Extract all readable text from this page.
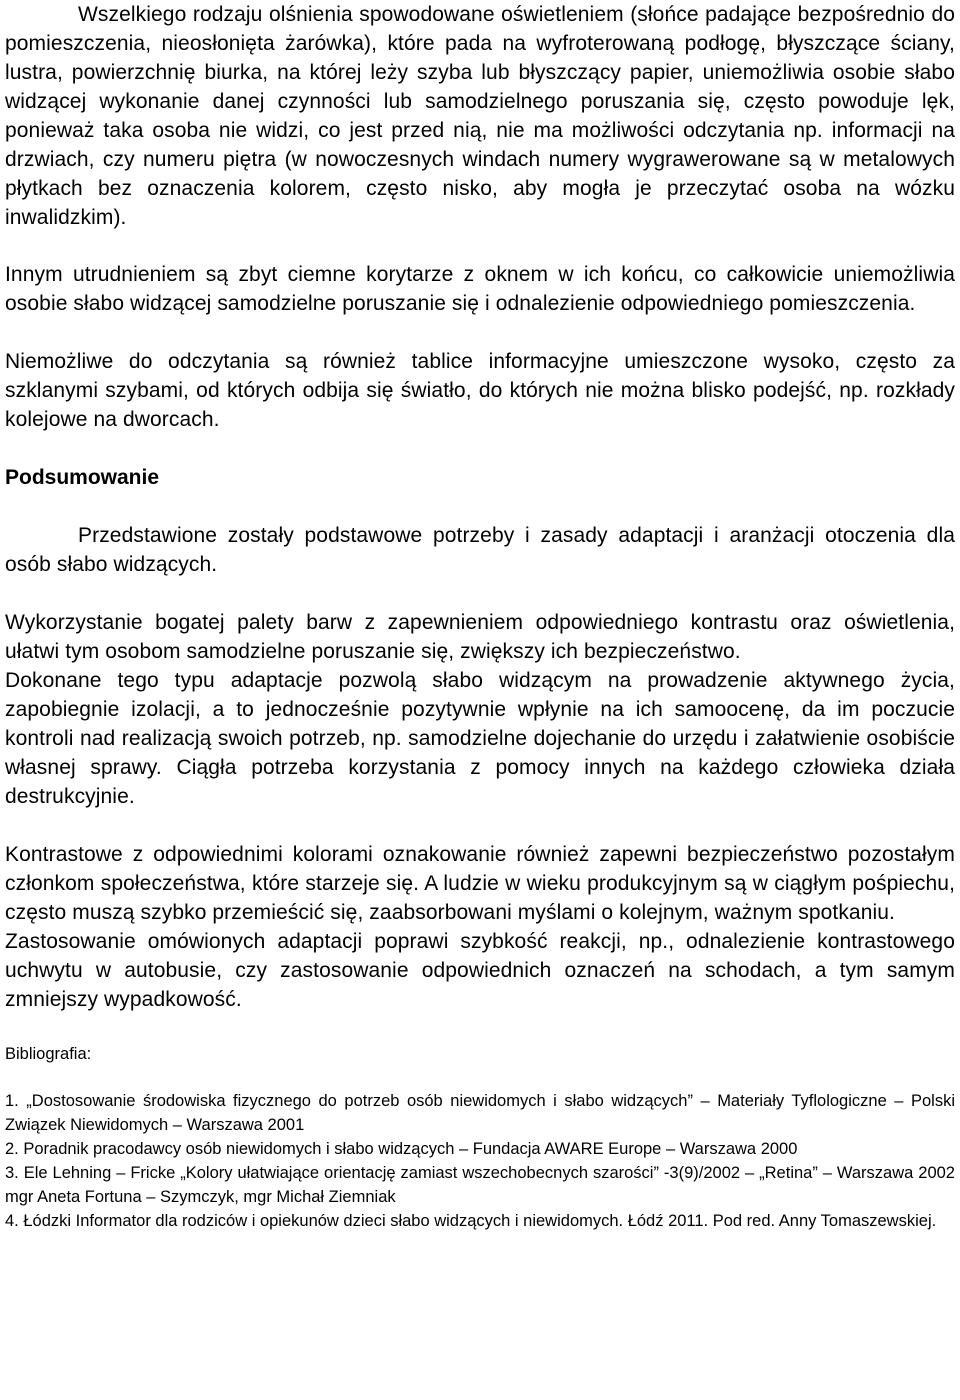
Wszelkiego rodzaju olśnienia spowodowane oświetleniem (słońce padające bezpośrednio do pomieszczenia, nieosłonięta żarówka), które pada na wyfroterowaną podłogę, błyszczące ściany, lustra, powierzchnię biurka, na której leży szyba lub błyszczący papier, uniemożliwia osobie słabo widzącej wykonanie danej czynności lub samodzielnego poruszania się, często powoduje lęk, ponieważ taka osoba nie widzi, co jest przed nią, nie ma możliwości odczytania np. informacji na drzwiach, czy numeru piętra (w nowoczesnych windach numery wygrawerowane są w metalowych płytkach bez oznaczenia kolorem, często nisko, aby mogła je przeczytać osoba na wózku inwalidzkim).

Innym utrudnieniem są zbyt ciemne korytarze z oknem w ich końcu, co całkowicie uniemożliwia osobie słabo widzącej samodzielne poruszanie się i odnalezienie odpowiedniego pomieszczenia.

Niemożliwe do odczytania są również tablice informacyjne umieszczone wysoko, często za szklanymi szybami, od których odbija się światło, do których nie można blisko podejść, np. rozkłady kolejowe na dworcach.

Podsumowanie

Przedstawione zostały podstawowe potrzeby i zasady adaptacji i aranżacji otoczenia dla osób słabo widzących.

Wykorzystanie bogatej palety barw z zapewnieniem odpowiedniego kontrastu oraz oświetlenia, ułatwi tym osobom samodzielne poruszanie się, zwiększy ich bezpieczeństwo.

Dokonane tego typu adaptacje pozwolą słabo widzącym na prowadzenie aktywnego życia, zapobiegnie izolacji, a to jednocześnie pozytywnie wpłynie na ich samoocenę, da im poczucie kontroli nad realizacją swoich potrzeb, np. samodzielne dojechanie do urzędu i załatwienie osobiście własnej sprawy. Ciągła potrzeba korzystania z pomocy innych na każdego człowieka działa destrukcyjnie.

Kontrastowe z odpowiednimi kolorami oznakowanie również zapewni bezpieczeństwo pozostałym członkom społeczeństwa, które starzeje się. A ludzie w wieku produkcyjnym są w ciągłym pośpiechu, często muszą szybko przemieścić się, zaabsorbowani myślami o kolejnym, ważnym spotkaniu.

Zastosowanie omówionych adaptacji poprawi szybkość reakcji, np., odnalezienie kontrastowego uchwytu w autobusie, czy zastosowanie odpowiednich oznaczeń na schodach, a tym samym zmniejszy wypadkowość.

Bibliografia:

1. „Dostosowanie środowiska fizycznego do potrzeb osób niewidomych i słabo widzących” – Materiały Tyflologiczne – Polski Związek Niewidomych – Warszawa 2001

2. Poradnik pracodawcy osób niewidomych i słabo widzących – Fundacja AWARE Europe – Warszawa 2000

3. Ele Lehning – Fricke „Kolory ułatwiające orientację zamiast wszechobecnych szarości” -3(9)/2002 – „Retina” – Warszawa 2002 mgr Aneta Fortuna – Szymczyk, mgr Michał Ziemniak

4. Łódzki Informator dla rodziców i opiekunów dzieci słabo widzących i niewidomych. Łódź 2011. Pod red. Anny Tomaszewskiej.
